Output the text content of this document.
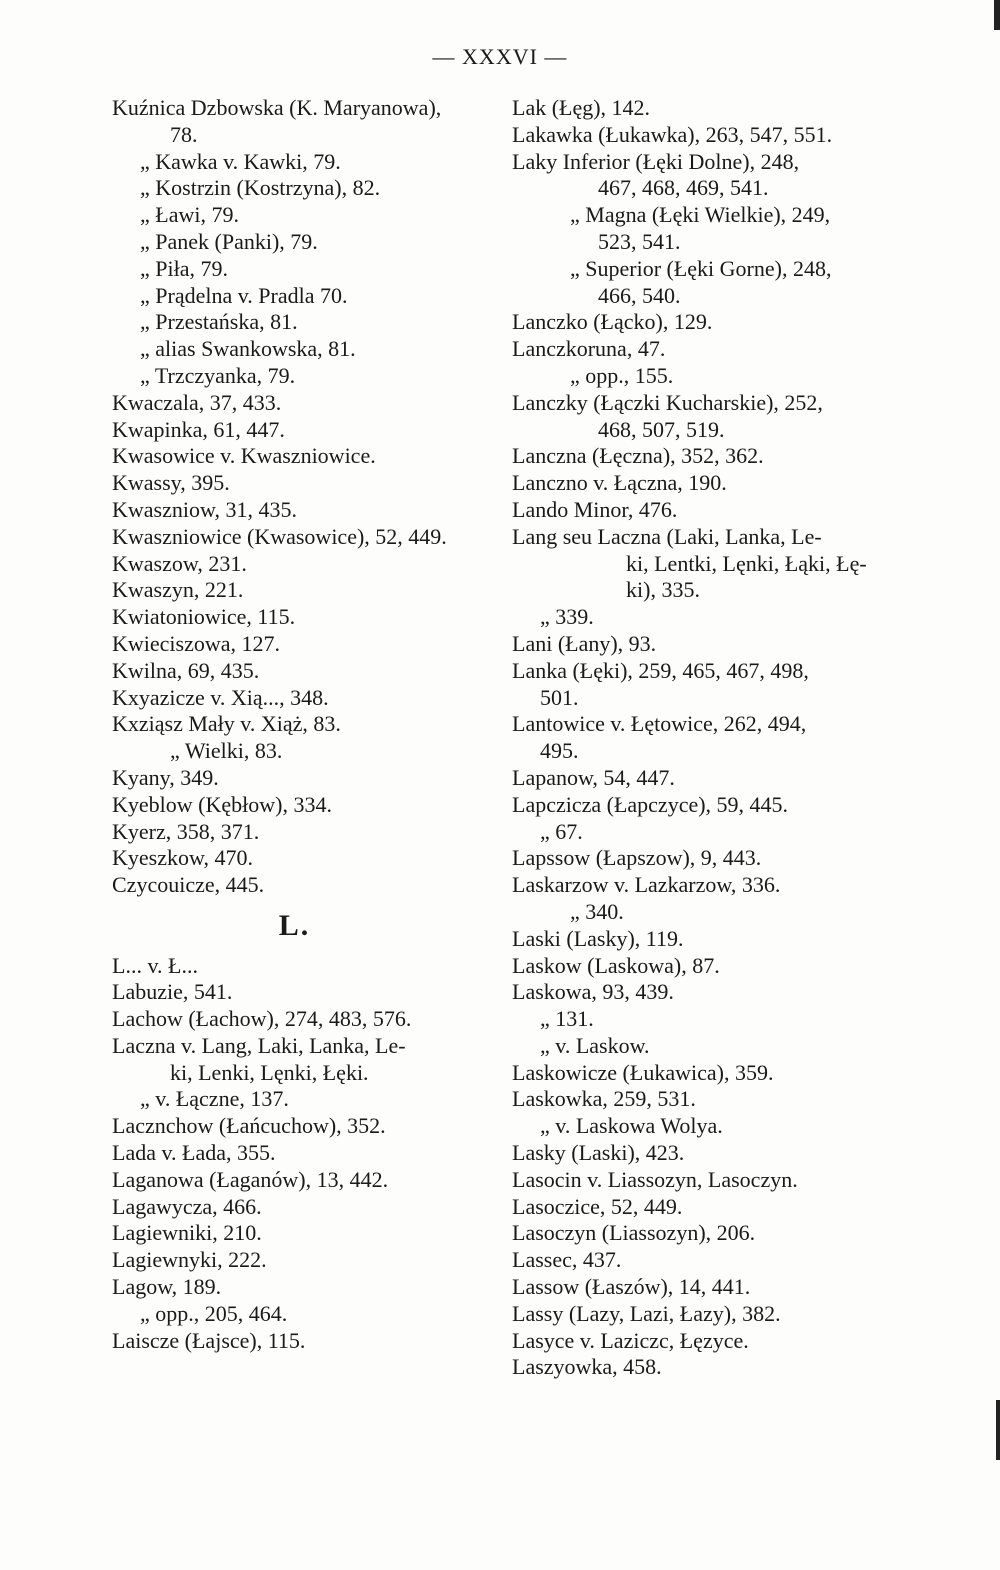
— XXXVI —
Kuźnica Dzbowska (K. Maryanowa),
78.
„ Kawka v. Kawki, 79.
„ Kostrzin (Kostrzyna), 82.
„ Ławi, 79.
„ Panek (Panki), 79.
„ Piła, 79.
„ Prądelna v. Pradla 70.
„ Przestańska, 81.
„ alias Swankowska, 81.
„ Trzczyanka, 79.
Kwaczala, 37, 433.
Kwapinka, 61, 447.
Kwasowice v. Kwaszniowice.
Kwassy, 395.
Kwaszniow, 31, 435.
Kwaszniowice (Kwasowice), 52, 449.
Kwaszow, 231.
Kwaszyn, 221.
Kwiatoniowice, 115.
Kwieciszowa, 127.
Kwilna, 69, 435.
Kxyazicze v. Xią..., 348.
Kxziąsz Mały v. Xiąż, 83.
„ Wielki, 83.
Kyany, 349.
Kyeblow (Kębłow), 334.
Kyerz, 358, 371.
Kyeszkow, 470.
Czycouicze, 445.
L.
L... v. Ł...
Labuzie, 541.
Lachow (Łachow), 274, 483, 576.
Laczna v. Lang, Laki, Lanka, Le-
ki, Lenki, Lęnki, Łęki.
„ v. Łączne, 137.
Lacznchow (Łańcuchow), 352.
Lada v. Łada, 355.
Laganowa (Łaganów), 13, 442.
Lagawycza, 466.
Lagiewniki, 210.
Lagiewnyki, 222.
Lagow, 189.
„ opp., 205, 464.
Laiscze (Łajsce), 115.
Lak (Łęg), 142.
Lakawka (Łukawka), 263, 547, 551.
Laky Inferior (Łęki Dolne), 248,
467, 468, 469, 541.
„ Magna (Łęki Wielkie), 249,
523, 541.
„ Superior (Łęki Gorne), 248,
466, 540.
Lanczko (Łącko), 129.
Lanczkoruna, 47.
„ opp., 155.
Lanczky (Łączki Kucharskie), 252,
468, 507, 519.
Lanczna (Łęczna), 352, 362.
Lanczno v. Łączna, 190.
Lando Minor, 476.
Lang seu Laczna (Laki, Lanka, Le-
ki, Lentki, Lęnki, Łąki, Łę-
ki), 335.
„ 339.
Lani (Łany), 93.
Lanka (Łęki), 259, 465, 467, 498,
501.
Lantowice v. Łętowice, 262, 494,
495.
Lapanow, 54, 447.
Lapczicza (Łapczyce), 59, 445.
„ 67.
Lapssow (Łapszow), 9, 443.
Laskarzow v. Lazkarzow, 336.
„ 340.
Laski (Lasky), 119.
Laskow (Laskowa), 87.
Laskowa, 93, 439.
„ 131.
„ v. Laskow.
Laskowicze (Łukawica), 359.
Laskowka, 259, 531.
„ v. Laskowa Wolya.
Lasky (Laski), 423.
Lasocin v. Liassozyn, Lasoczyn.
Lasoczice, 52, 449.
Lasoczyn (Liassozyn), 206.
Lassec, 437.
Lassow (Łaszów), 14, 441.
Lassy (Lazy, Lazi, Łazy), 382.
Lasyce v. Laziczc, Łęzyce.
Laszyowka, 458.
